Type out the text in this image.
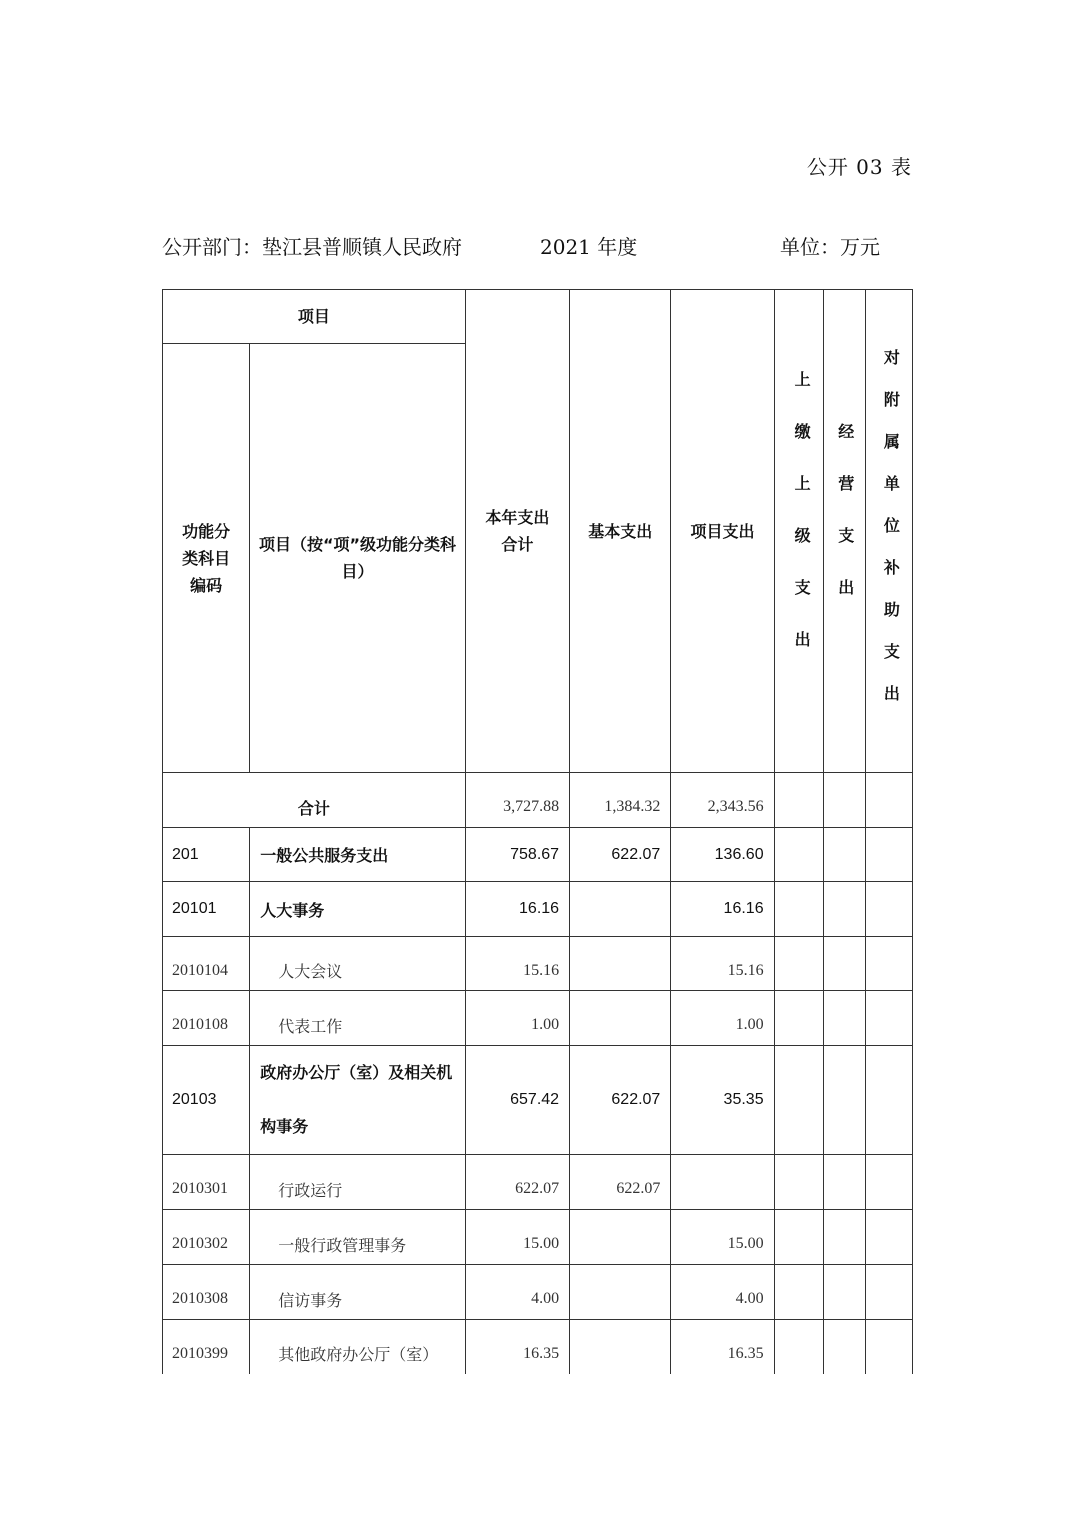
公开 03 表
公开部门：垫江县普顺镇人民政府	2021 年度	单位：万元
项目		本年支出合计	基本支出	项目支出	上缴上级支出	经营支出	对附属单位补助支出
功能分类科目编码	项目（按“项”级功能分类科目）						
合计		3,727.88	1,384.32	2,343.56			
201	一般公共服务支出	758.67	622.07	136.60			
20101	人大事务	16.16		16.16			
2010104	人大会议	15.16		15.16			
2010108	代表工作	1.00		1.00			
20103	政府办公厅（室）及相关机构事务	657.42	622.07	35.35			
2010301	行政运行	622.07	622.07				
2010302	一般行政管理事务	15.00		15.00			
2010308	信访事务	4.00		4.00			
2010399	其他政府办公厅（室）	16.35		16.35			
